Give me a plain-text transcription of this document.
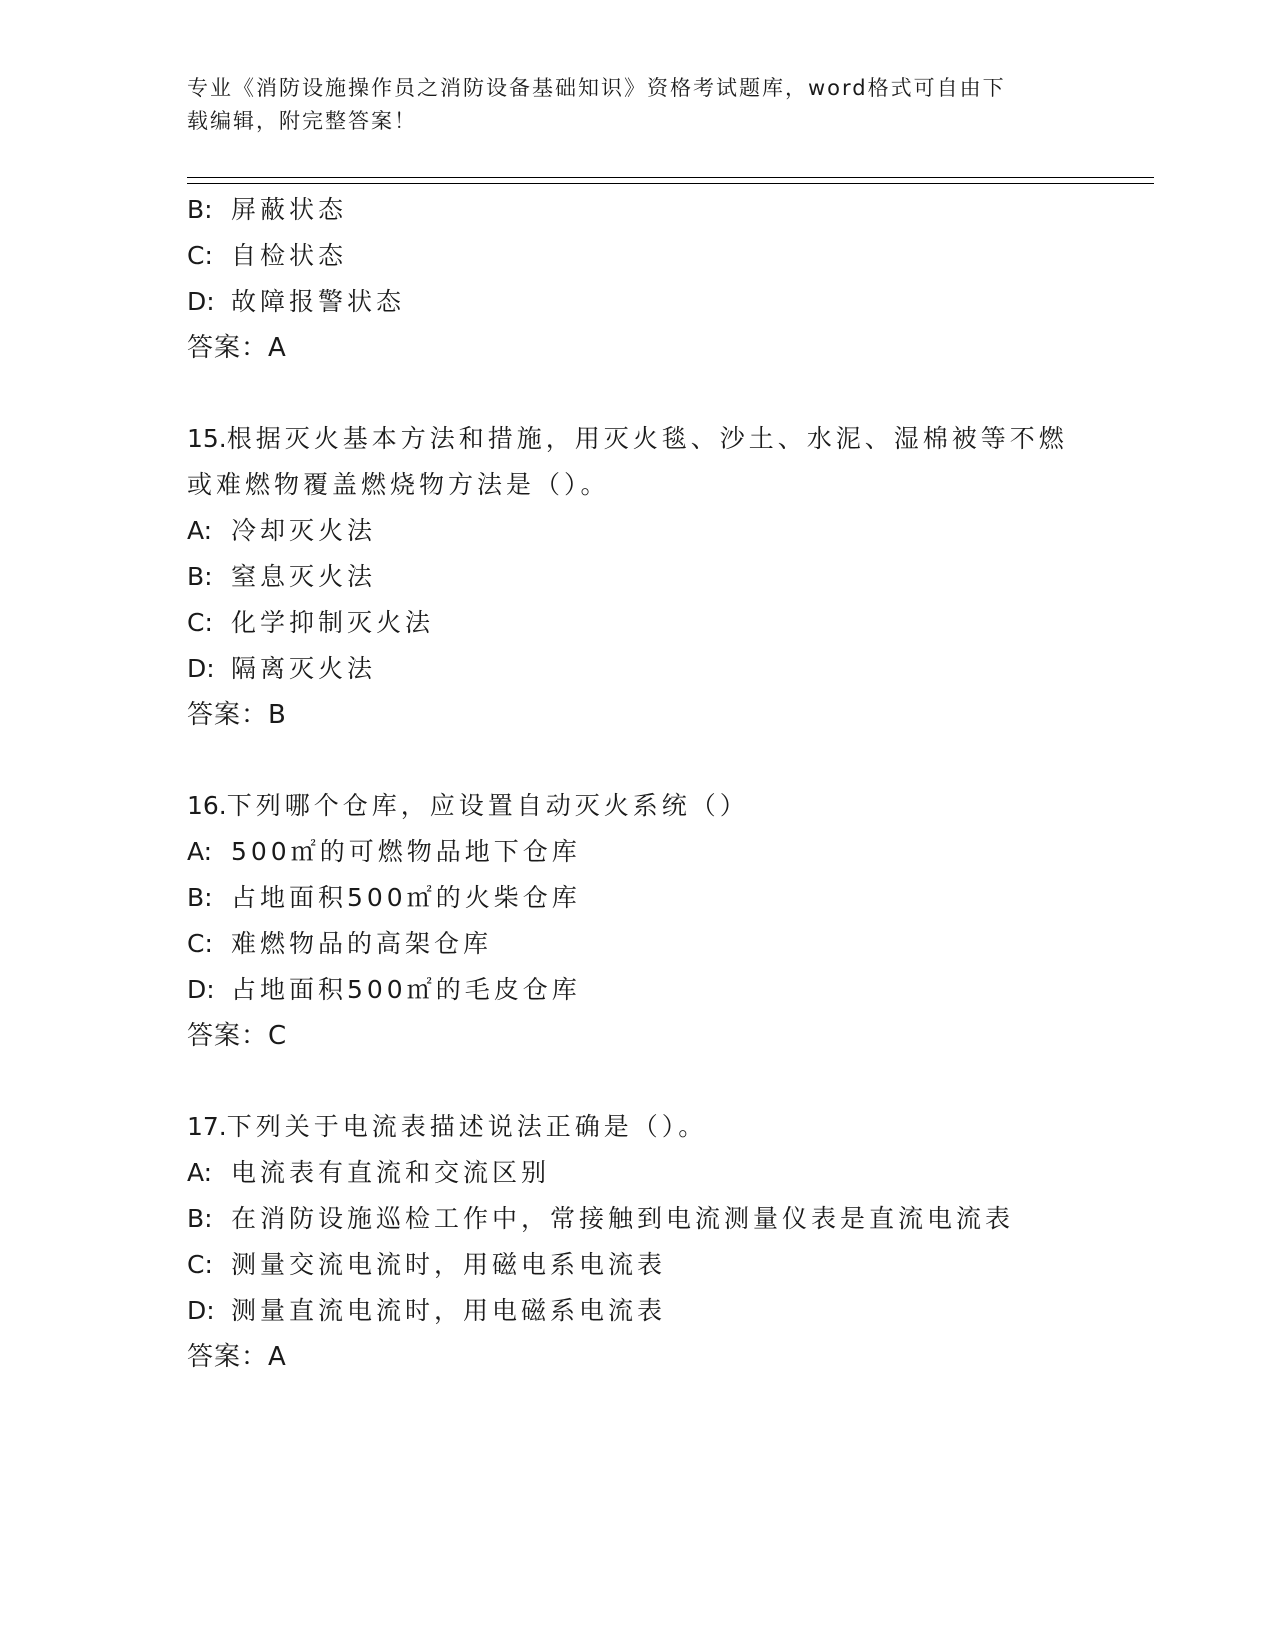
专业《消防设施操作员之消防设备基础知识》资格考试题库，word格式可自由下
载编辑，附完整答案！
B: 屏蔽状态
C: 自检状态
D: 故障报警状态
答案：A
15.根据灭火基本方法和措施，用灭火毯、沙土、水泥、湿棉被等不燃
或难燃物覆盖燃烧物方法是（）。
A: 冷却灭火法
B: 窒息灭火法
C: 化学抑制灭火法
D: 隔离灭火法
答案：B
16.下列哪个仓库，应设置自动灭火系统（）
A: 500㎡的可燃物品地下仓库
B: 占地面积500㎡的火柴仓库
C: 难燃物品的高架仓库
D: 占地面积500㎡的毛皮仓库
答案：C
17.下列关于电流表描述说法正确是（）。
A: 电流表有直流和交流区别
B: 在消防设施巡检工作中，常接触到电流测量仪表是直流电流表
C: 测量交流电流时，用磁电系电流表
D: 测量直流电流时，用电磁系电流表
答案：A
